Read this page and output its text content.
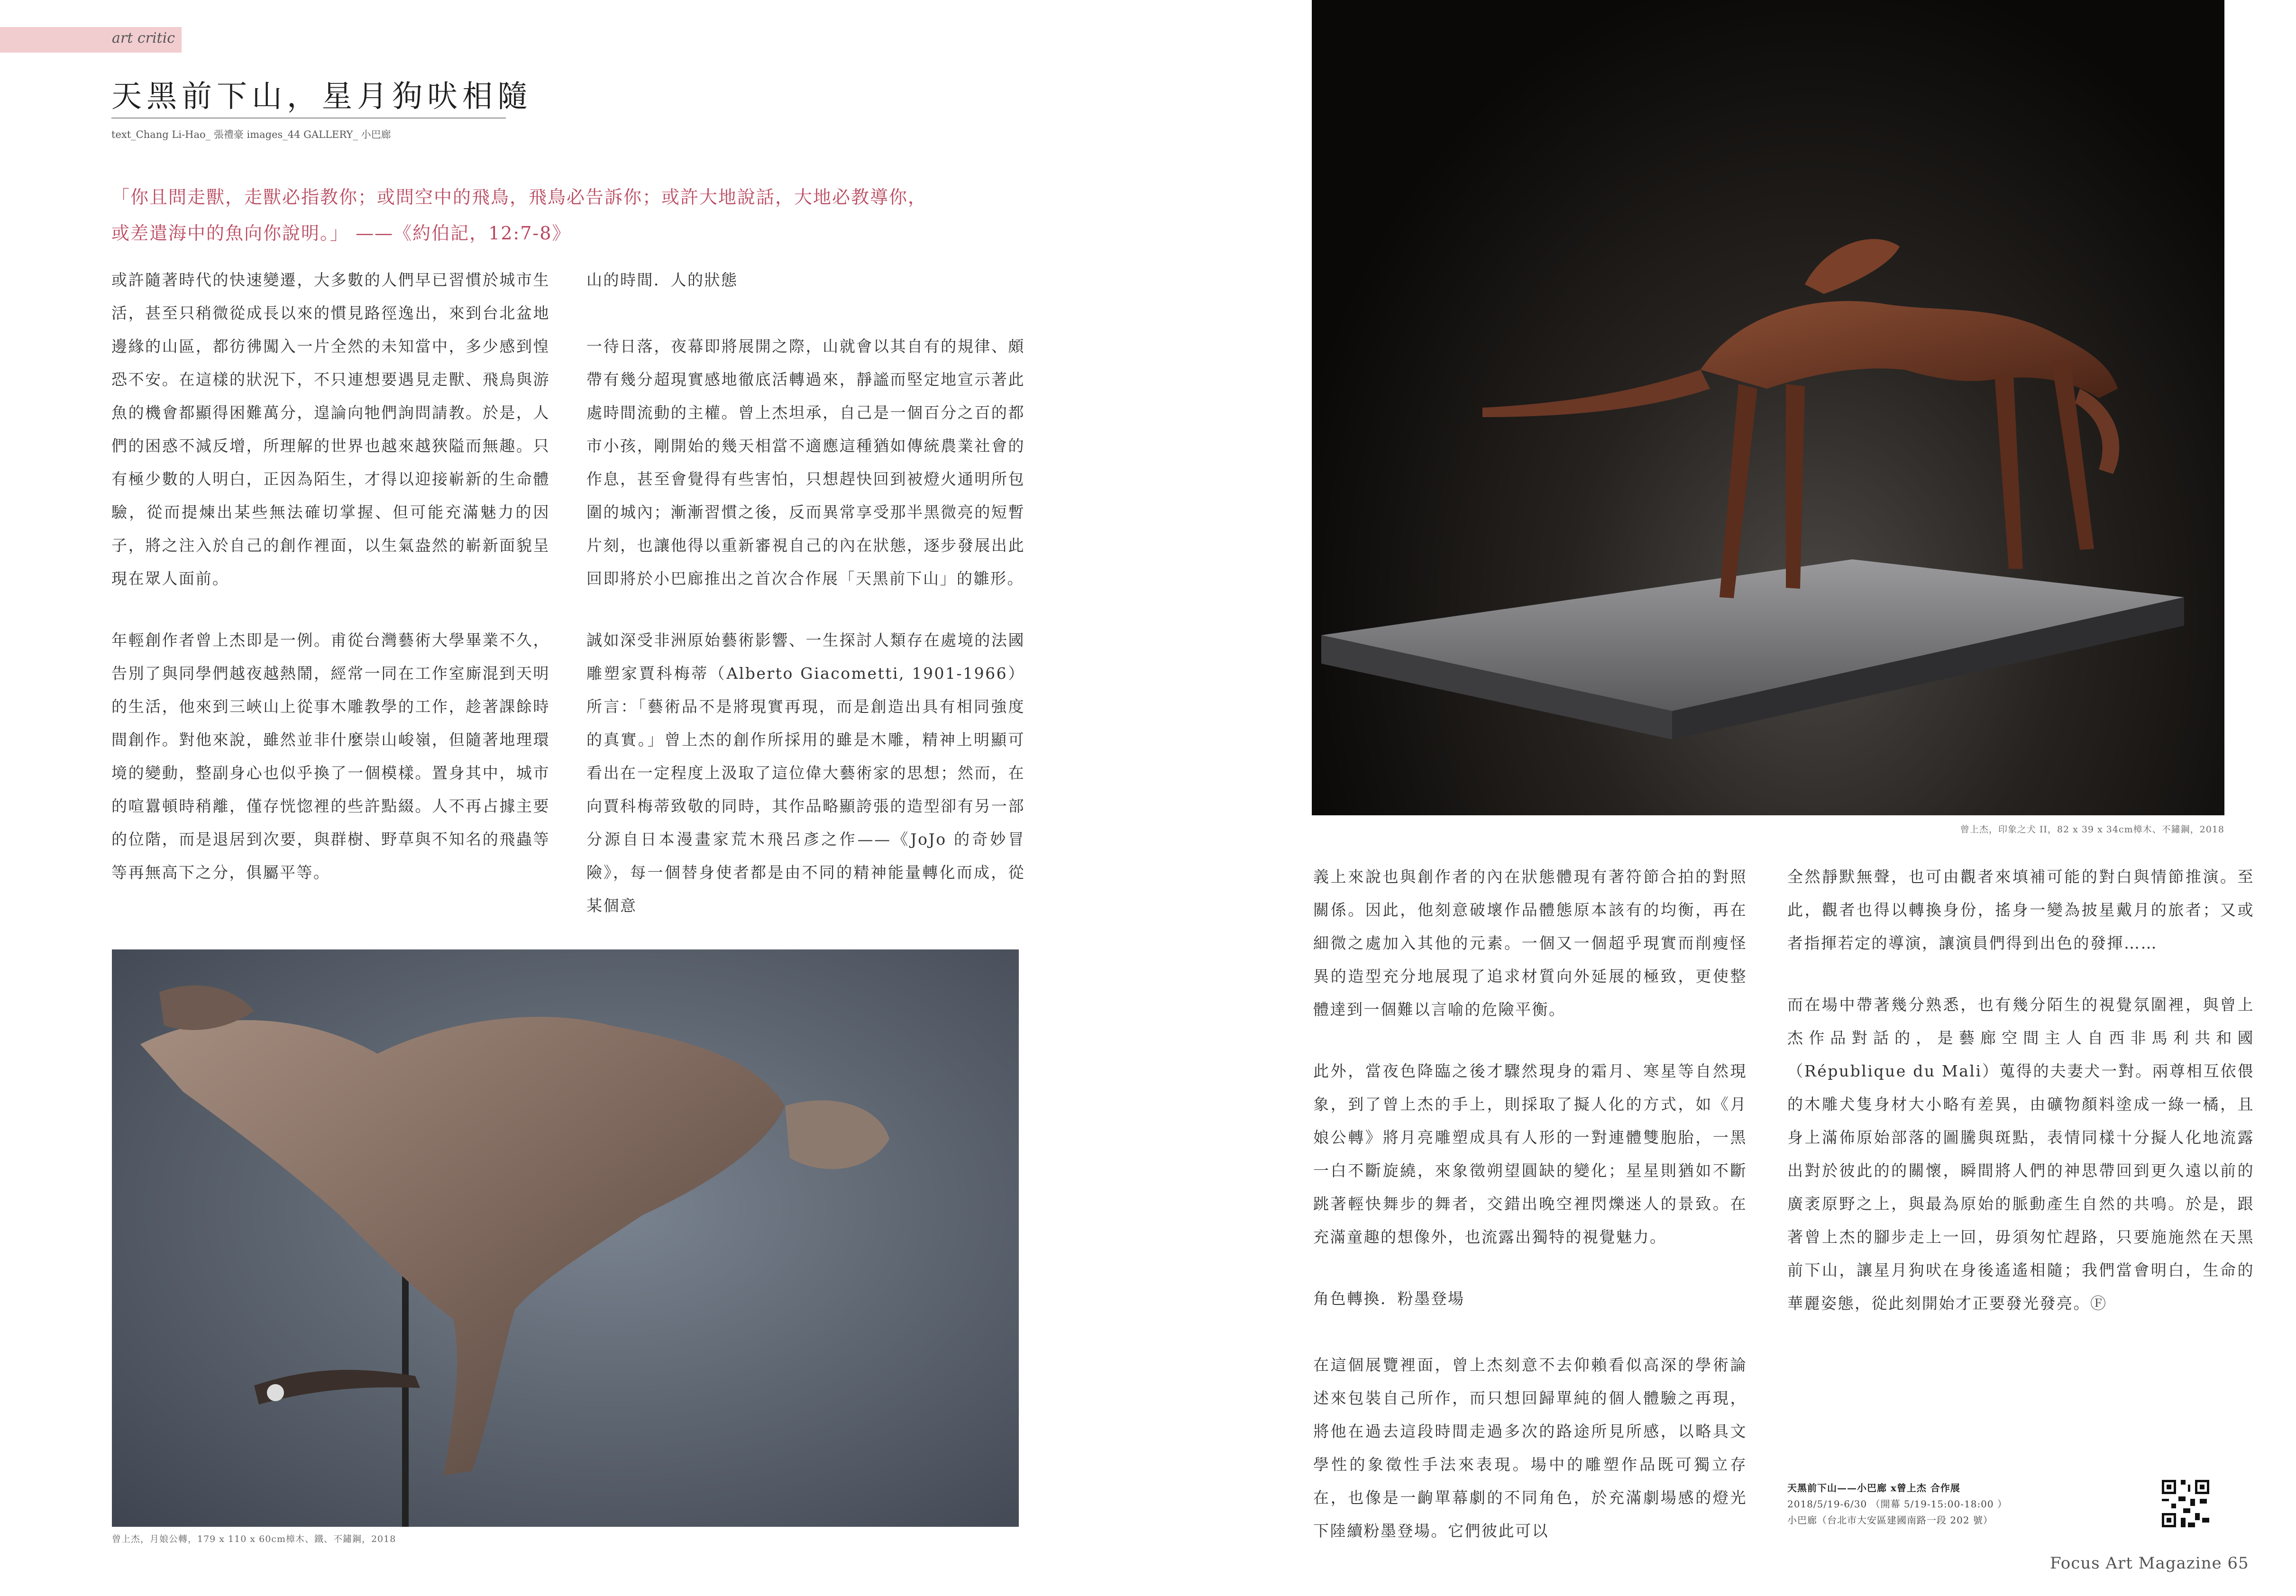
art critic
天黑前下山，星月狗吠相隨
text_Chang Li-Hao_ 張禮豪 images_44 GALLERY_ 小巴廊
「你且問走獸，走獸必指教你；或問空中的飛鳥，飛鳥必告訴你；或許大地說話，大地必教導你，
或差遣海中的魚向你說明。」 ——《約伯記，12:7-8》

或許隨著時代的快速變遷，大多數的人們早已習慣於城市生活，甚至只稍微從成長以來的慣見路徑逸出，來到台北盆地邊緣的山區，都彷彿闖入一片全然的未知當中，多少感到惶恐不安。在這樣的狀況下，不只連想要遇見走獸、飛鳥與游魚的機會都顯得困難萬分，遑論向牠們詢問請教。於是，人們的困惑不減反增，所理解的世界也越來越狹隘而無趣。只有極少數的人明白，正因為陌生，才得以迎接嶄新的生命體驗，從而提煉出某些無法確切掌握、但可能充滿魅力的因子，將之注入於自己的創作裡面，以生氣盎然的嶄新面貌呈現在眾人面前。

年輕創作者曾上杰即是一例。甫從台灣藝術大學畢業不久，告別了與同學們越夜越熱鬧，經常一同在工作室廝混到天明的生活，他來到三峽山上從事木雕教學的工作，趁著課餘時間創作。對他來說，雖然並非什麼崇山峻嶺，但隨著地理環境的變動，整副身心也似乎換了一個模樣。置身其中，城市的喧囂頓時稍離，僅存恍惚裡的些許點綴。人不再占據主要的位階，而是退居到次要，與群樹、野草與不知名的飛蟲等等再無高下之分，俱屬平等。

山的時間．人的狀態

一待日落，夜幕即將展開之際，山就會以其自有的規律、頗帶有幾分超現實感地徹底活轉過來，靜謐而堅定地宣示著此處時間流動的主權。曾上杰坦承，自己是一個百分之百的都市小孩，剛開始的幾天相當不適應這種猶如傳統農業社會的作息，甚至會覺得有些害怕，只想趕快回到被燈火通明所包圍的城內；漸漸習慣之後，反而異常享受那半黑微亮的短暫片刻，也讓他得以重新審視自己的內在狀態，逐步發展出此回即將於小巴廊推出之首次合作展「天黑前下山」的雛形。

誠如深受非洲原始藝術影響、一生探討人類存在處境的法國雕塑家賈科梅蒂（Alberto Giacometti, 1901-1966）所言：「藝術品不是將現實再現，而是創造出具有相同強度的真實。」曾上杰的創作所採用的雖是木雕，精神上明顯可看出在一定程度上汲取了這位偉大藝術家的思想；然而，在向賈科梅蒂致敬的同時，其作品略顯誇張的造型卻有另一部分源自日本漫畫家荒木飛呂彥之作——《JoJo 的奇妙冒險》，每一個替身使者都是由不同的精神能量轉化而成，從某個意

曾上杰，月娘公轉，179 x 110 x 60cm樟木、鐵、不鏽鋼，2018
曾上杰，印象之犬 II，82 x 39 x 34cm樟木、不鏽鋼，2018

義上來說也與創作者的內在狀態體現有著符節合拍的對照關係。因此，他刻意破壞作品體態原本該有的均衡，再在細微之處加入其他的元素。一個又一個超乎現實而削瘦怪異的造型充分地展現了追求材質向外延展的極致，更使整體達到一個難以言喻的危險平衡。

此外，當夜色降臨之後才驟然現身的霜月、寒星等自然現象，到了曾上杰的手上，則採取了擬人化的方式，如《月娘公轉》將月亮雕塑成具有人形的一對連體雙胞胎，一黑一白不斷旋繞，來象徵朔望圓缺的變化；星星則猶如不斷跳著輕快舞步的舞者，交錯出晚空裡閃爍迷人的景致。在充滿童趣的想像外，也流露出獨特的視覺魅力。

角色轉換．粉墨登場

在這個展覽裡面，曾上杰刻意不去仰賴看似高深的學術論述來包裝自己所作，而只想回歸單純的個人體驗之再現，將他在過去這段時間走過多次的路途所見所感，以略具文學性的象徵性手法來表現。場中的雕塑作品既可獨立存在，也像是一齣單幕劇的不同角色，於充滿劇場感的燈光下陸續粉墨登場。它們彼此可以

全然靜默無聲，也可由觀者來填補可能的對白與情節推演。至此，觀者也得以轉換身份，搖身一變為披星戴月的旅者；又或者指揮若定的導演，讓演員們得到出色的發揮……

而在場中帶著幾分熟悉，也有幾分陌生的視覺氛圍裡，與曾上杰作品對話的，是藝廊空間主人自西非馬利共和國（République du Mali）蒐得的夫妻犬一對。兩尊相互依偎的木雕犬隻身材大小略有差異，由礦物顏料塗成一綠一橘，且身上滿佈原始部落的圖騰與斑點，表情同樣十分擬人化地流露出對於彼此的的關懷，瞬間將人們的神思帶回到更久遠以前的廣袤原野之上，與最為原始的脈動產生自然的共鳴。於是，跟著曾上杰的腳步走上一回，毋須匆忙趕路，只要施施然在天黑前下山，讓星月狗吠在身後遙遙相隨；我們當會明白，生命的華麗姿態，從此刻開始才正要發光發亮。Ⓕ

天黑前下山——小巴廊 x曾上杰 合作展
2018/5/19-6/30 （開幕 5/19-15:00-18:00 ）
小巴廊（台北市大安區建國南路一段 202 號）
Focus Art Magazine 65
